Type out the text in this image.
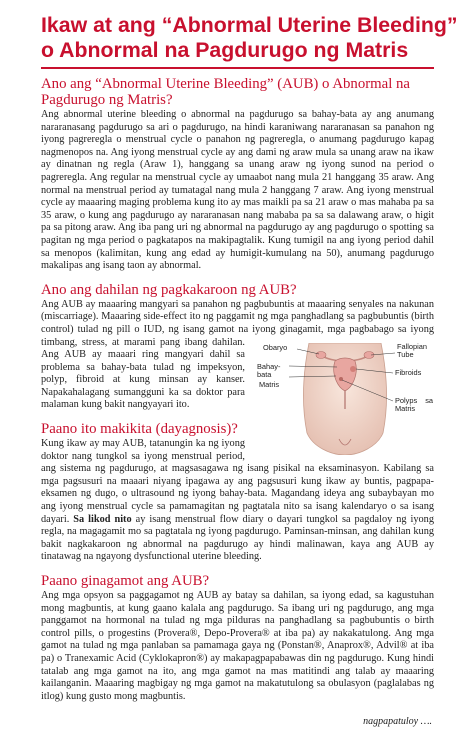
Ikaw at ang “Abnormal Uterine Bleeding”
o Abnormal na Pagdurugo ng Matris
Ano ang “Abnormal Uterine Bleeding” (AUB) o Abnormal na Pagdurugo ng Matris?

Ang abnormal uterine bleeding o abnormal na pagdurugo sa bahay-bata ay ang anumang nararanasang pagdurugo sa ari o pagdurugo, na hindi karaniwang nararanasan sa panahon ng iyong pagreregla o menstrual cycle o panahon ng pagreregla, o anumang pagdurugo kapag nagmenopos na. Ang iyong menstrual cycle ay ang dami ng araw mula sa unang araw na ikaw ay dinatnan ng regla (Araw 1), hanggang sa unang araw ng iyong sunod na period o pagreregla. Ang regular na menstrual cycle ay umaabot nang mula 21 hanggang 35 araw. Ang normal na menstrual period ay tumatagal nang mula 2 hanggang 7 araw. Ang iyong menstrual cycle ay maaaring maging problema kung ito ay mas maikli pa sa 21 araw o mas mahaba pa sa 35 araw, o kung ang pagdurugo ay nararanasan nang mababa pa sa sa dalawang araw, o higit pa sa pitong araw. Ang iba pang uri ng abnormal na pagdurugo ay ang pagdurugo o spotting sa pagitan ng mga period o pagkatapos na makipagtalik. Kung tumigil na ang iyong period dahil sa menopos (kalimitan, kung ang edad ay humigit-kumulang na 50), anumang pagdurugo makalipas ang isang taon ay abnormal.

Ano ang dahilan ng pagkakaroon ng AUB?

Ang AUB ay maaaring mangyari sa panahon ng pagbubuntis at maaaring senyales na nakunan (miscarriage). Maaaring side-effect ito ng paggamit ng mga panghadlang sa pagbubuntis (birth control) tulad ng pill o IUD, ng isang gamot na iyong ginagamit, mga pagbabago sa iyong timbang, stress, at marami pang ibang dahilan. Obaryo	Fallopian Tube
Bahay-bata
Matris
Fibroids
Polyps sa Matris
Ang AUB ay maaari ring mangyari dahil sa problema sa bahay-bata tulad ng impeksyon, polyp, fibroid at kung minsan ay kanser. Napakahalagang sumangguni ka sa doktor para malaman kung bakit nangyayari ito.

Paano ito makikita (dayagnosis)?

Kung ikaw ay may AUB, tatanungin ka ng iyong doktor nang tungkol sa iyong menstrual period, ang sistema ng pagdurugo, at magsasagawa ng isang pisikal na eksaminasyon. Kabilang sa mga pagsusuri na maaari niyang ipagawa ay ang pagsusuri kung ikaw ay buntis, pagpapa-eksamen ng dugo, o ultrasound ng iyong bahay-bata. Magandang ideya ang subaybayan mo ang iyong menstrual cycle sa pamamagitan ng pagtatala nito sa isang kalendaryo o sa isang dayari. Sa likod nito ay isang menstrual flow diary o dayari tungkol sa pagdaloy ng iyong regla, na magagamit mo sa pagtatala ng iyong pagdurugo. Paminsan-minsan, ang dahilan kung bakit nagkakaroon ng abnormal na pagdurugo ay hindi malinawan, kaya ang AUB ay tinatawag na ngayong dysfunctional uterine bleeding.

Paano ginagamot ang AUB?

Ang mga opsyon sa paggagamot ng AUB ay batay sa dahilan, sa iyong edad, sa kagustuhan mong magbuntis, at kung gaano kalala ang pagdurugo. Sa ibang uri ng pagdurugo, ang mga panggamot na hormonal na tulad ng mga pilduras na panghadlang sa pagbubuntis o birth control pills, o progestins (Provera®, Depo-Provera® at iba pa) ay nakakatulong. Ang mga gamot na tulad ng mga panlaban sa pamamaga gaya ng (Ponstan®, Anaprox®, Advil® at iba pa) o Tranexamic Acid (Cyklokapron®) ay makapagpapabawas din ng pagdurugo. Kung hindi tatalab ang mga gamot na ito, ang mga gamot na mas matitindi ang talab ay maaaring kailanganin. Maaaring magbigay ng mga gamot na makatutulong sa obulasyon (paglalabas ng itlog) kung gusto mong magbuntis.

nagpapatuloy ….
